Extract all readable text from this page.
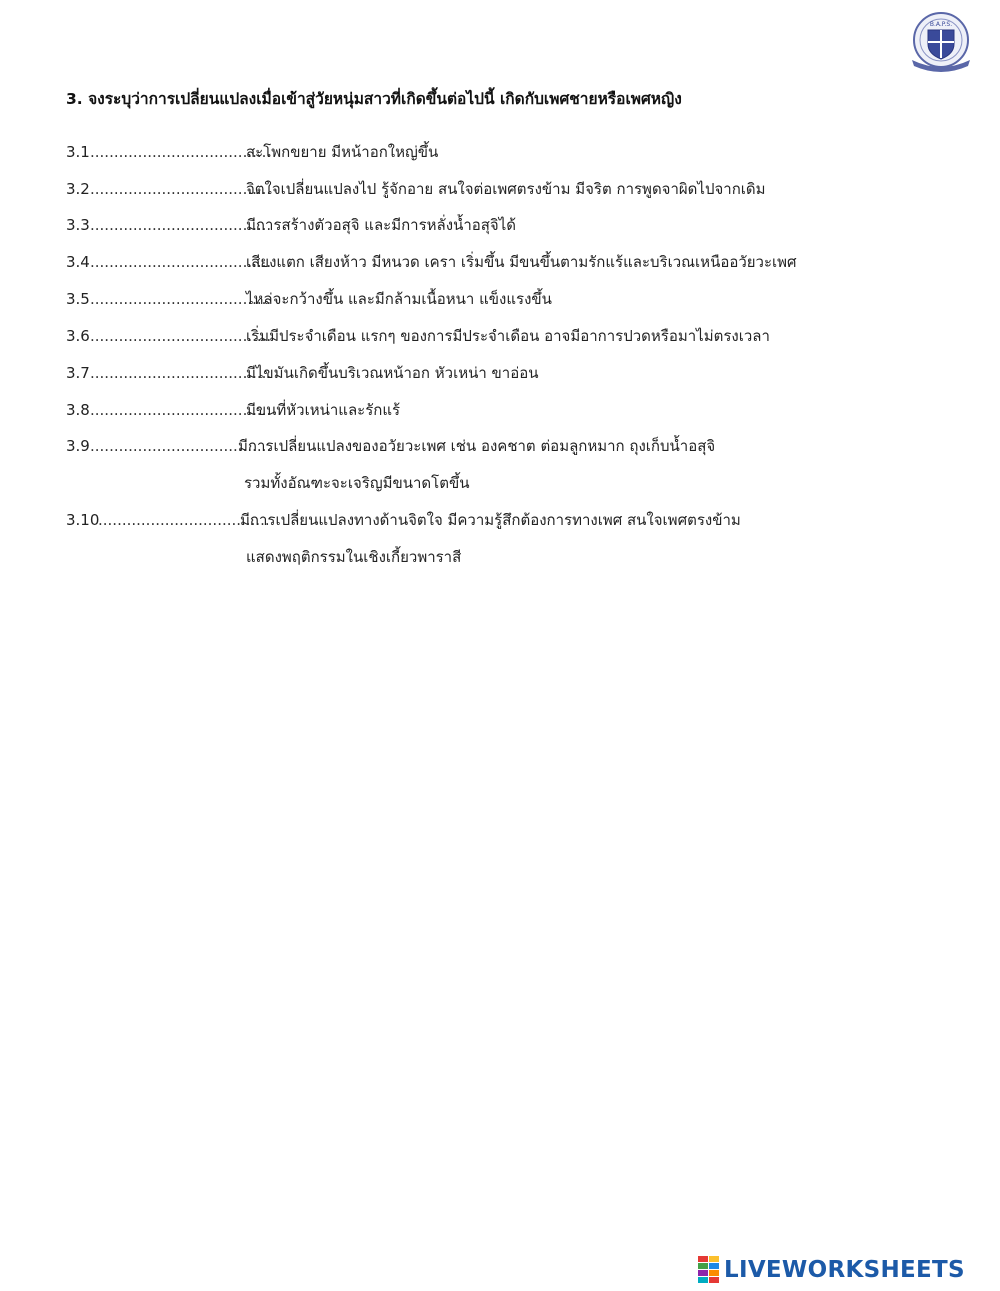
B.A.P.S.
3. จงระบุว่าการเปลี่ยนแปลงเมื่อเข้าสู่วัยหนุ่มสาวที่เกิดขึ้นต่อไปนี้ เกิดกับเพศชายหรือเพศหญิง
3.1 ......................................
สะโพกขยาย มีหน้าอกใหญ่ขึ้น
3.2 ......................................
จิตใจเปลี่ยนแปลงไป รู้จักอาย สนใจต่อเพศตรงข้าม มีจริต การพูดจาผิดไปจากเดิม
3.3 ......................................
มีการสร้างตัวอสุจิ และมีการหลั่งน้ำอสุจิได้
3.4 ......................................
เสียงแตก เสียงห้าว มีหนวด เครา เริ่มขึ้น มีขนขึ้นตามรักแร้และบริเวณเหนืออวัยวะเพศ
3.5 ......................................
ไหล่จะกว้างขึ้น และมีกล้ามเนื้อหนา แข็งแรงขึ้น
3.6 ......................................
เริ่มมีประจำเดือน แรกๆ ของการมีประจำเดือน อาจมีอาการปวดหรือมาไม่ตรงเวลา
3.7 ......................................
มีไขมันเกิดขึ้นบริเวณหน้าอก หัวเหน่า ขาอ่อน
3.8 ......................................
มีขนที่หัวเหน่าและรักแร้
3.9 ......................................
มีการเปลี่ยนแปลงของอวัยวะเพศ เช่น องคชาต ต่อมลูกหมาก ถุงเก็บน้ำอสุจิ
รวมทั้งอัณฑะจะเจริญมีขนาดโตขึ้น
3.10
....................................
มีการเปลี่ยนแปลงทางด้านจิตใจ มีความรู้สึกต้องการทางเพศ สนใจเพศตรงข้าม
แสดงพฤติกรรมในเชิงเกี้ยวพาราสี
LIVEWORKSHEETS
